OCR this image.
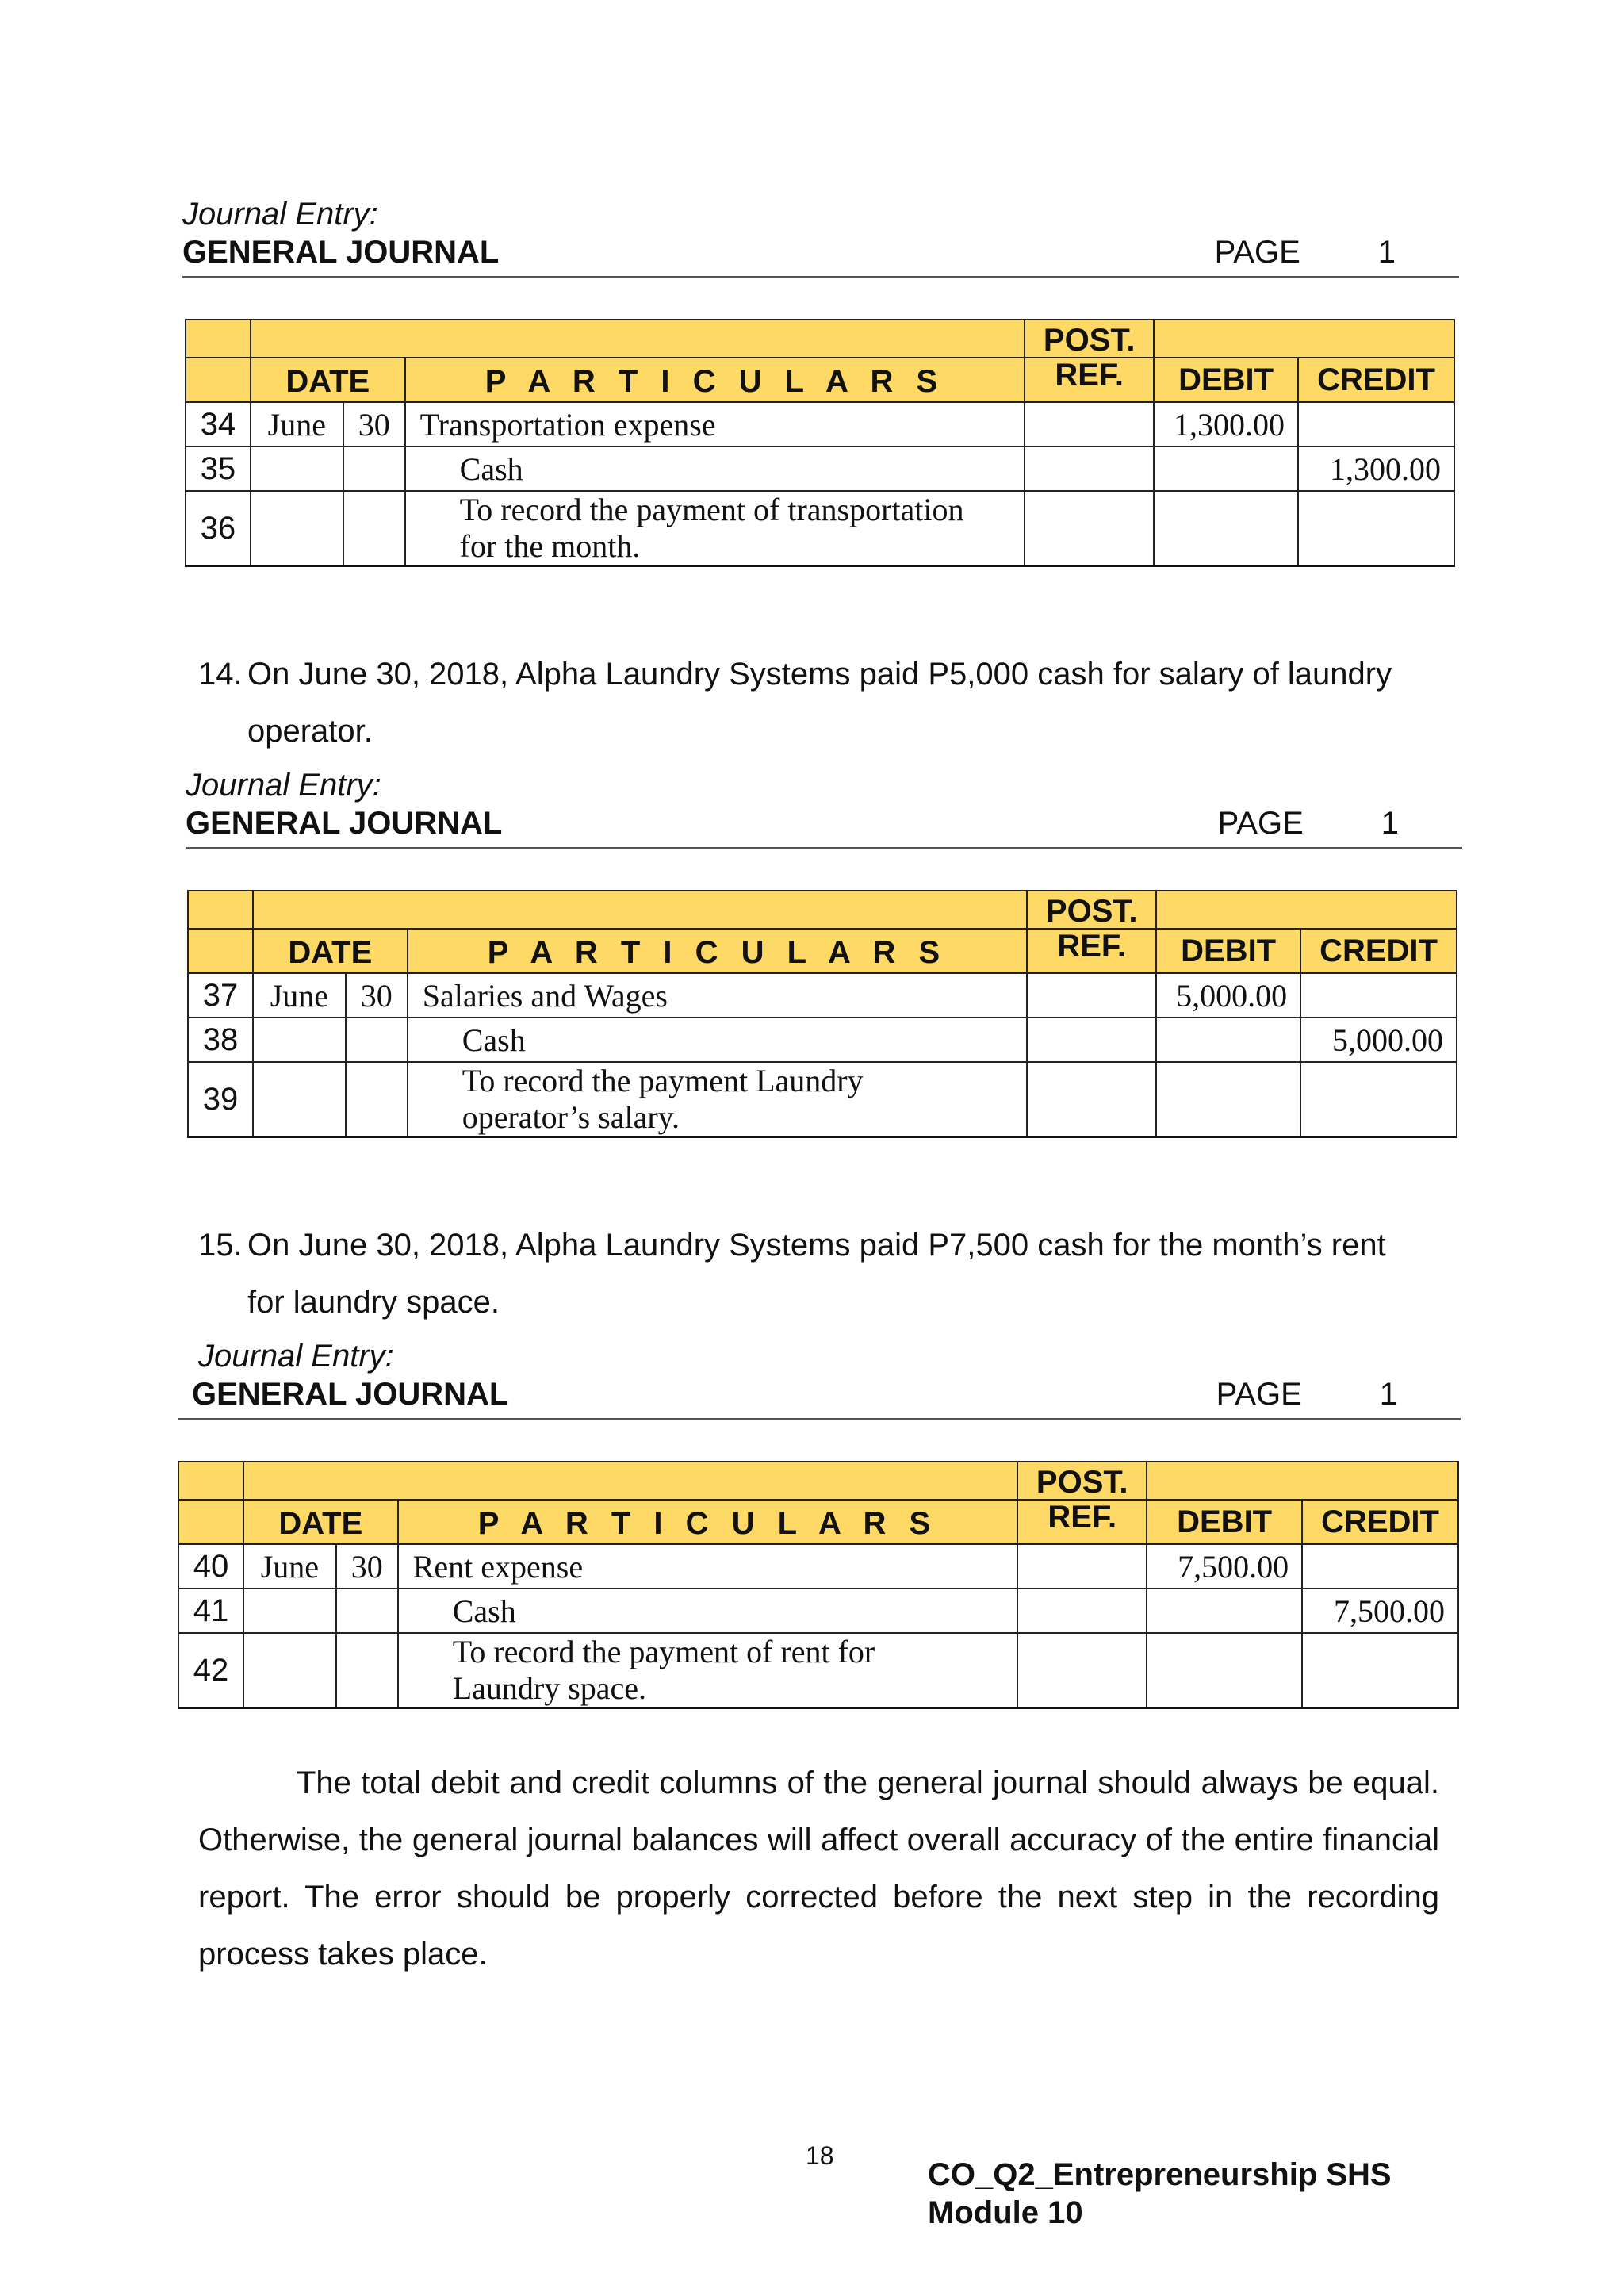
Journal Entry:
GENERAL JOURNAL	PAGE 1
				POST.		
	DATE		P A R T I C U L A R S	REF.	DEBIT	CREDIT
34	June	30	Transportation expense		1,300.00	
35			Cash			1,300.00
36			To record the payment of transportation
for the month.			

14. On June 30, 2018, Alpha Laundry Systems paid P5,000 cash for salary of laundry
operator.
Journal Entry:
GENERAL JOURNAL	PAGE 1
				POST.		
	DATE		P A R T I C U L A R S	REF.	DEBIT	CREDIT
37	June	30	Salaries and Wages		5,000.00	
38			Cash			5,000.00
39			To record the payment Laundry
operator’s salary.			

15. On June 30, 2018, Alpha Laundry Systems paid P7,500 cash for the month’s rent
for laundry space.
Journal Entry:
GENERAL JOURNAL	PAGE 1
				POST.		
	DATE		P A R T I C U L A R S	REF.	DEBIT	CREDIT
40	June	30	Rent expense		7,500.00	
41			Cash			7,500.00
42			To record the payment of rent for
Laundry space.			

The total debit and credit columns of the general journal should always be equal. Otherwise, the general journal balances will affect overall accuracy of the entire financial report. The error should be properly corrected before the next step in the recording process takes place.
18
CO_Q2_Entrepreneurship SHS
Module 10
